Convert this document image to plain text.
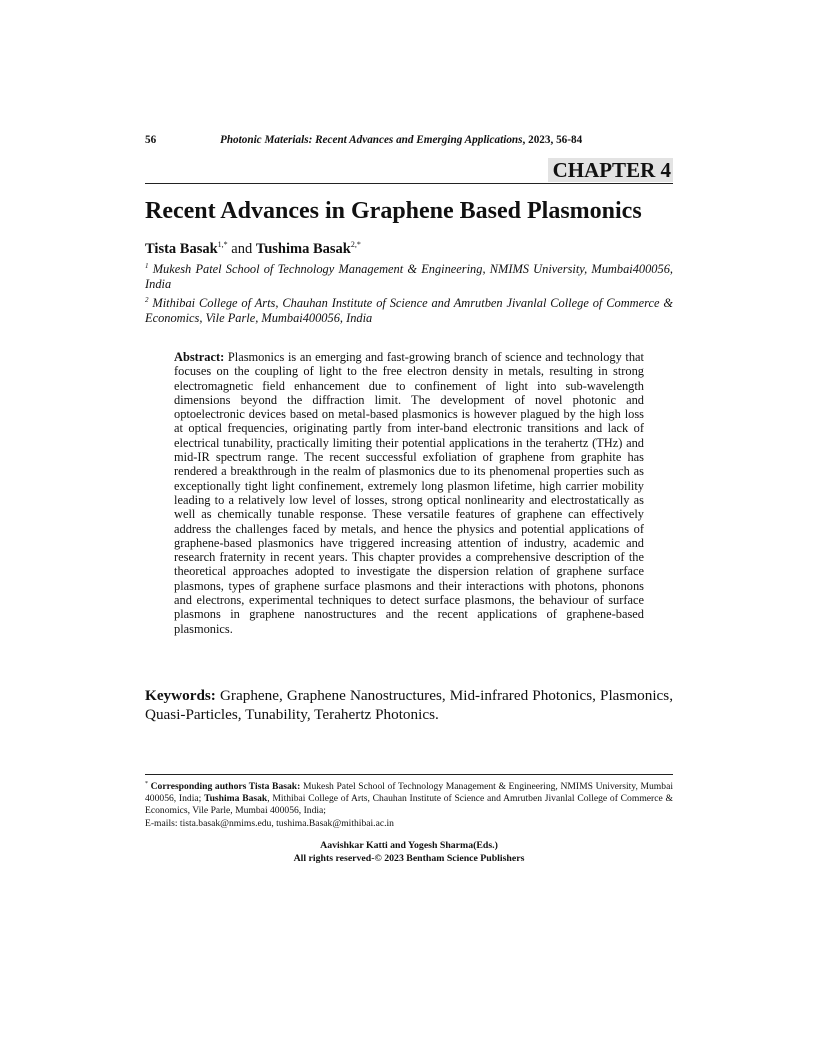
56	Photonic Materials: Recent Advances and Emerging Applications, 2023, 56-84
CHAPTER 4
Recent Advances in Graphene Based Plasmonics
Tista Basak$^{1,*}$ and Tushima Basak$^{2,*}$
$^1$ Mukesh Patel School of Technology Management & Engineering, NMIMS University, Mumbai400056, India
$^2$ Mithibai College of Arts, Chauhan Institute of Science and Amrutben Jivanlal College of Commerce & Economics, Vile Parle, Mumbai400056, India
Abstract: Plasmonics is an emerging and fast-growing branch of science and technology that focuses on the coupling of light to the free electron density in metals, resulting in strong electromagnetic field enhancement due to confinement of light into sub-wavelength dimensions beyond the diffraction limit. The development of novel photonic and optoelectronic devices based on metal-based plasmonics is however plagued by the high loss at optical frequencies, originating partly from inter-band electronic transitions and lack of electrical tunability, practically limiting their potential applications in the terahertz (THz) and mid-IR spectrum range. The recent successful exfoliation of graphene from graphite has rendered a breakthrough in the realm of plasmonics due to its phenomenal properties such as exceptionally tight light confinement, extremely long plasmon lifetime, high carrier mobility leading to a relatively low level of losses, strong optical nonlinearity and electrostatically as well as chemically tunable response. These versatile features of graphene can effectively address the challenges faced by metals, and hence the physics and potential applications of graphene-based plasmonics have triggered increasing attention of industry, academic and research fraternity in recent years. This chapter provides a comprehensive description of the theoretical approaches adopted to investigate the dispersion relation of graphene surface plasmons, types of graphene surface plasmons and their interactions with photons, phonons and electrons, experimental techniques to detect surface plasmons, the behaviour of surface plasmons in graphene nanostructures and the recent applications of graphene-based plasmonics.
Keywords: Graphene, Graphene Nanostructures, Mid-infrared Photonics, Plasmonics, Quasi-Particles, Tunability, Terahertz Photonics.
* Corresponding authors Tista Basak: Mukesh Patel School of Technology Management & Engineering, NMIMS University, Mumbai 400056, India; Tushima Basak, Mithibai College of Arts, Chauhan Institute of Science and Amrutben Jivanlal College of Commerce & Economics, Vile Parle, Mumbai 400056, India;
E-mails: tista.basak@nmims.edu, tushima.Basak@mithibai.ac.in
Aavishkar Katti and Yogesh Sharma(Eds.)
All rights reserved-© 2023 Bentham Science Publishers
